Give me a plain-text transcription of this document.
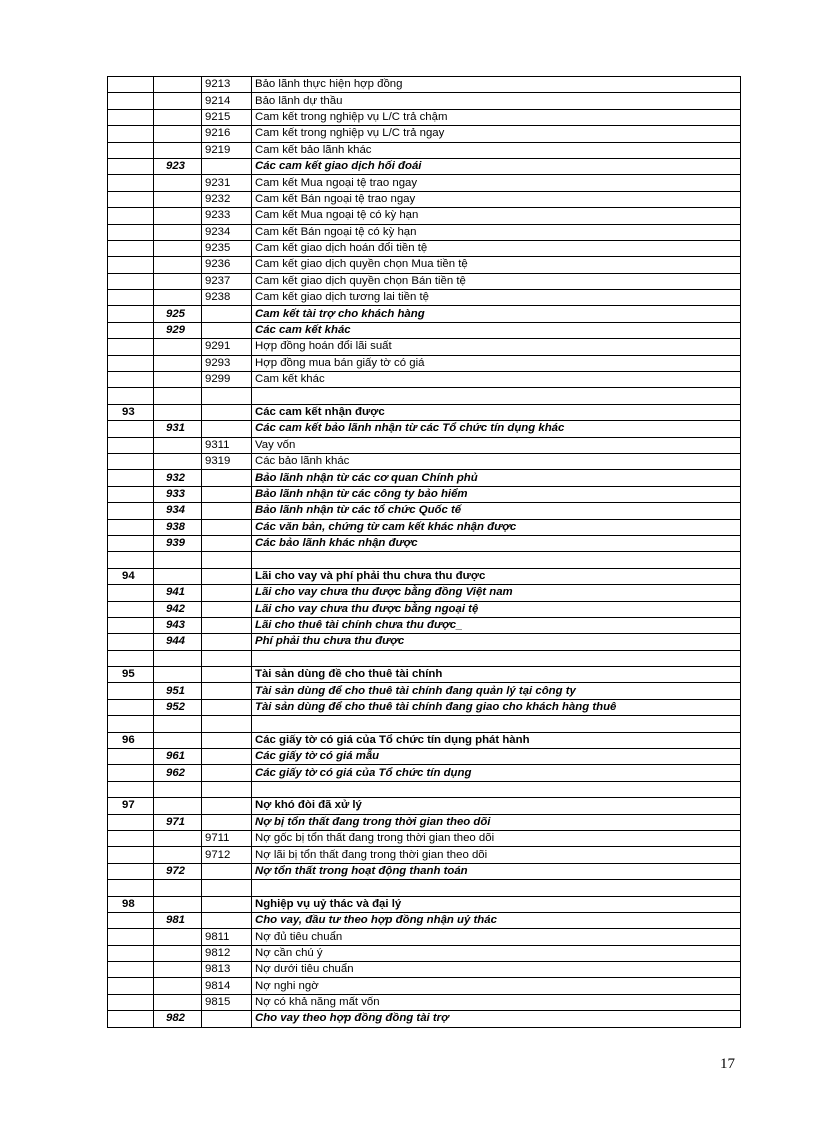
		9213	Bảo lãnh thực hiện hợp đồng
		9214	Bảo lãnh dự thầu
		9215	Cam kết trong nghiệp vụ L/C trả chậm
		9216	Cam kết trong nghiệp vụ L/C trả ngay
		9219	Cam kết bảo lãnh khác
	923		Các cam kết giao dịch hối đoái
		9231	Cam kết Mua ngoại tệ trao ngay
		9232	Cam kết Bán ngoại tệ trao ngay
		9233	Cam kết Mua ngoại tệ có kỳ hạn
		9234	Cam kết Bán ngoại tệ có kỳ hạn
		9235	Cam kết giao dịch hoán đổi tiền tệ
		9236	Cam kết giao dịch quyền chọn Mua tiền tệ
		9237	Cam kết giao dịch quyền chọn Bán tiền tệ
		9238	Cam kết giao dịch tương lai tiền tệ
	925		Cam kết tài trợ cho khách hàng
	929		Các cam kết khác
		9291	Hợp đồng hoán đổi lãi suất
		9293	Hợp đồng mua bán giấy tờ có giá
		9299	Cam kết khác

93			Các cam kết nhận được
	931		Các cam kết bảo lãnh nhận từ các Tổ chức tín dụng khác
		9311	Vay vốn
		9319	Các bảo lãnh khác
	932		Bảo lãnh nhận từ các cơ quan Chính phủ
	933		Bảo lãnh nhận từ các công ty bảo hiểm
	934		Bảo lãnh nhận từ các tổ chức Quốc tế
	938		Các văn bản, chứng từ cam kết khác nhận được
	939		Các bảo lãnh khác nhận được

94			Lãi cho vay và phí phải thu chưa thu được
	941		Lãi cho vay chưa thu được bằng đồng Việt nam
	942		Lãi cho vay chưa thu được bằng ngoại tệ
	943		Lãi cho thuê tài chính chưa thu được_
	944		Phí phải thu chưa thu được

95			Tài sản dùng đề cho thuê tài chính
	951		Tài sản dùng để cho thuê tài chính đang quản lý tại công ty
	952		Tài sản dùng để cho thuê tài chính đang giao cho khách hàng thuê

96			Các giấy tờ có giá của Tổ chức tín dụng phát hành
	961		Các giấy tờ có giá mẫu
	962		Các giấy tờ có giá của Tổ chức tín dụng

97			Nợ khó đòi đã xử lý
	971		Nợ bị tổn thất đang trong thời gian theo dõi
		9711	Nợ gốc bị tổn thất đang trong thời gian theo dõi
		9712	Nợ lãi bị tổn thất đang trong thời gian theo dõi
	972		Nợ tổn thất trong hoạt động thanh toán

98			Nghiệp vụ uỷ thác và đại lý
	981		Cho vay, đầu tư theo hợp đồng nhận uỷ thác
		9811	Nợ đủ tiêu chuẩn
		9812	Nợ cần chú ý
		9813	Nợ dưới tiêu chuẩn
		9814	Nợ nghi ngờ
		9815	Nợ có khả năng mất vốn
	982		Cho vay theo hợp đồng đồng tài trợ
17
